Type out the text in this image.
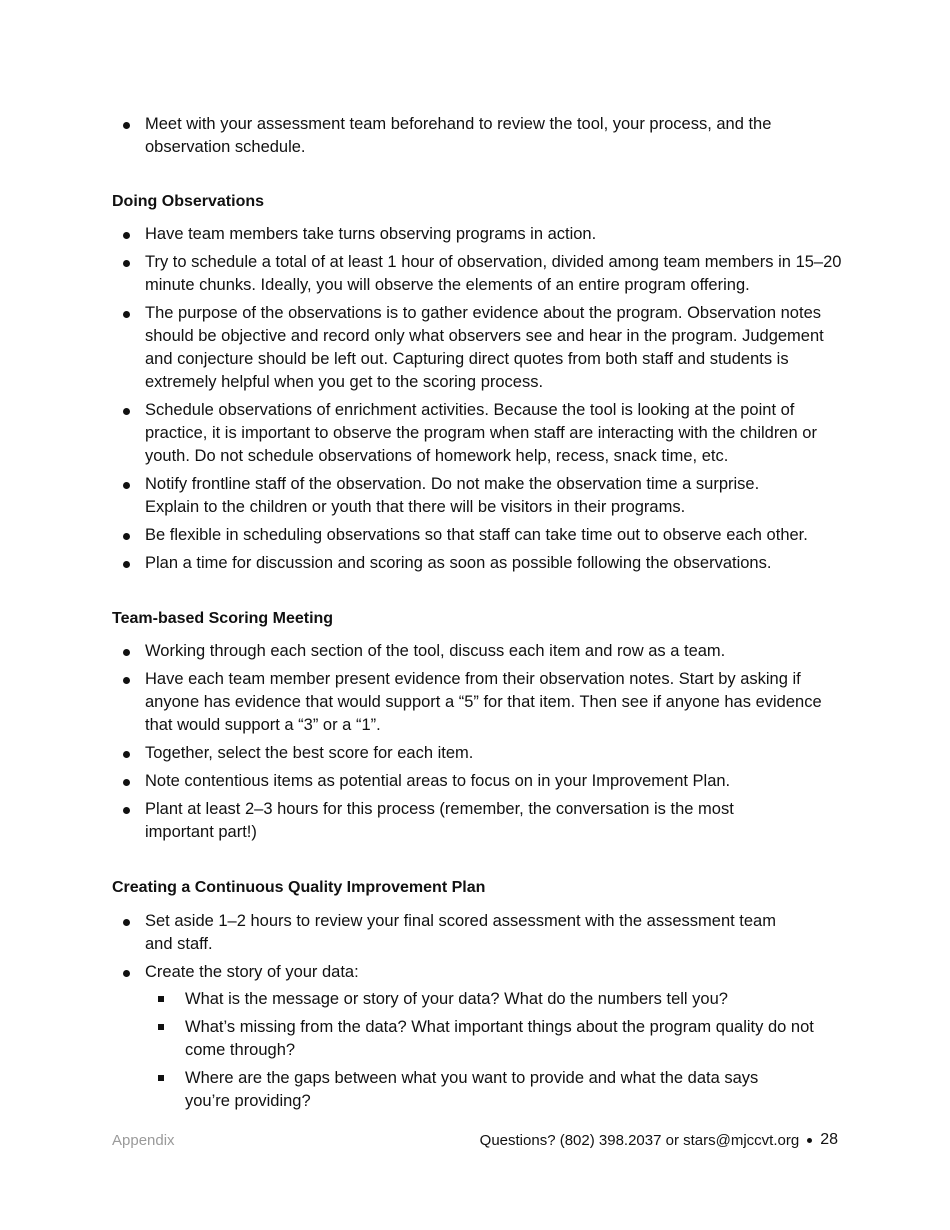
Meet with your assessment team beforehand to review the tool, your process, and the observation schedule.
Doing Observations
Have team members take turns observing programs in action.
Try to schedule a total of at least 1 hour of observation, divided among team members in 15–20 minute chunks. Ideally, you will observe the elements of an entire program offering.
The purpose of the observations is to gather evidence about the program. Observation notes should be objective and record only what observers see and hear in the program. Judgement and conjecture should be left out. Capturing direct quotes from both staff and students is extremely helpful when you get to the scoring process.
Schedule observations of enrichment activities. Because the tool is looking at the point of practice, it is important to observe the program when staff are interacting with the children or youth. Do not schedule observations of homework help, recess, snack time, etc.
Notify frontline staff of the observation. Do not make the observation time a surprise. Explain to the children or youth that there will be visitors in their programs.
Be flexible in scheduling observations so that staff can take time out to observe each other.
Plan a time for discussion and scoring as soon as possible following the observations.
Team-based Scoring Meeting
Working through each section of the tool, discuss each item and row as a team.
Have each team member present evidence from their observation notes. Start by asking if anyone has evidence that would support a “5” for that item. Then see if anyone has evidence that would support a “3” or a “1”.
Together, select the best score for each item.
Note contentious items as potential areas to focus on in your Improvement Plan.
Plant at least 2–3 hours for this process (remember, the conversation is the most important part!)
Creating a Continuous Quality Improvement Plan
Set aside 1–2 hours to review your final scored assessment with the assessment team and staff.
Create the story of your data:
What is the message or story of your data? What do the numbers tell you?
What’s missing from the data? What important things about the program quality do not come through?
Where are the gaps between what you want to provide and what the data says you’re providing?
Appendix	Questions? (802) 398.2037 or stars@mjccvt.org 28
